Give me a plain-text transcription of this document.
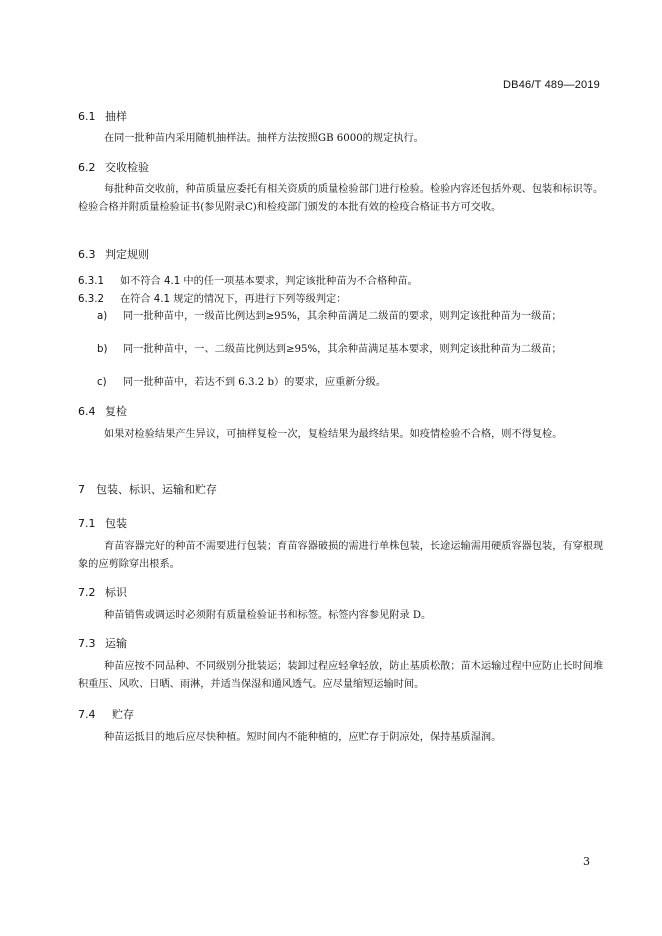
DB46/T 489—2019
6.1 抽样
在同一批种苗内采用随机抽样法。抽样方法按照GB 6000的规定执行。
6.2 交收检验
每批种苗交收前，种苗质量应委托有相关资质的质量检验部门进行检验。检验内容还包括外观、包装和标识等。检验合格并附质量检验证书(参见附录C)和检疫部门颁发的本批有效的检疫合格证书方可交收。
6.3 判定规则
6.3.1 如不符合 4.1 中的任一项基本要求，判定该批种苗为不合格种苗。
6.3.2 在符合 4.1 规定的情况下，再进行下列等级判定：
a) 同一批种苗中，一级苗比例达到≥95%，其余种苗满足二级苗的要求，则判定该批种苗为一级苗；
b) 同一批种苗中，一、二级苗比例达到≥95%，其余种苗满足基本要求，则判定该批种苗为二级苗；
c) 同一批种苗中，若达不到 6.3.2 b）的要求，应重新分级。
6.4 复检
如果对检验结果产生异议，可抽样复检一次，复检结果为最终结果。如疫情检验不合格，则不得复检。
7 包装、标识、运输和贮存
7.1 包装
育苗容器完好的种苗不需要进行包装；育苗容器破损的需进行单株包装，长途运输需用硬质容器包装，有穿根现象的应剪除穿出根系。
7.2 标识
种苗销售或调运时必须附有质量检验证书和标签。标签内容参见附录 D。
7.3 运输
种苗应按不同品种、不同级别分批装运；装卸过程应轻拿轻放，防止基质松散；苗木运输过程中应防止长时间堆积重压、风吹、日晒、雨淋，并适当保湿和通风透气。应尽量缩短运输时间。
7.4 贮存
种苗运抵目的地后应尽快种植。短时间内不能种植的，应贮存于阴凉处，保持基质湿润。
3
